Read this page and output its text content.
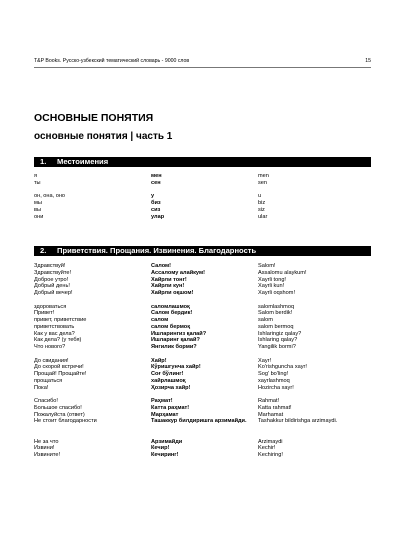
T&P Books. Русско-узбекский тематический словарь - 9000 слов	15
ОСНОВНЫЕ ПОНЯТИЯ
основные понятия | часть 1
1. Местоимения
я	мен	men
ты	сен	sen
он, она, оно	у	u
мы	биз	biz
вы	сиз	siz
они	улар	ular
2. Приветствия. Прощания. Извинения. Благодарность
Здравствуй!	Салом!	Salom!
Здравствуйте!	Ассалому алайкум!	Assalomu alaykum!
Доброе утро!	Хайрли тонг!	Xayrli tong!
Добрый день!	Хайрли кун!	Xayrli kun!
Добрый вечер!	Хайрли оқшом!	Xayrli oqshom!
здороваться	саломлашмоқ	salomlashmoq
Привет!	Салом бердик!	Salom berdik!
привет, приветствие	салом	salom
приветствовать	салом бермоқ	salom bermoq
Как у вас дела?	Ишларингиз қалай?	Ishlaringiz qalay?
Как дела? (у тебя)	Ишларинг қалай?	Ishlaring qalay?
Что нового?	Янгилик борми?	Yangilik bormi?
До свидания!	Хайр!	Xayr!
До скорой встречи!	Кўришгунча хайр!	Ko'rishguncha xayr!
Прощай! Прощайте!	Соғ бўлинг!	Sog' bo'ling!
прощаться	хайрлашмоқ	xayrlashmoq
Пока!	Ҳозирча хайр!	Hozircha xayr!
Спасибо!	Раҳмат!	Rahmat!
Большое спасибо!	Катта раҳмат!	Katta rahmat!
Пожалуйста (ответ)	Марҳамат	Marhamat
Не стоит благодарности	Ташаккур билдиришга арзимайди.	Tashakkur bildirishga arzimaydi.
Не за что	Арзимайди	Arzimaydi
Извини!	Кечир!	Kechir!
Извините!	Кечиринг!	Kechiring!
